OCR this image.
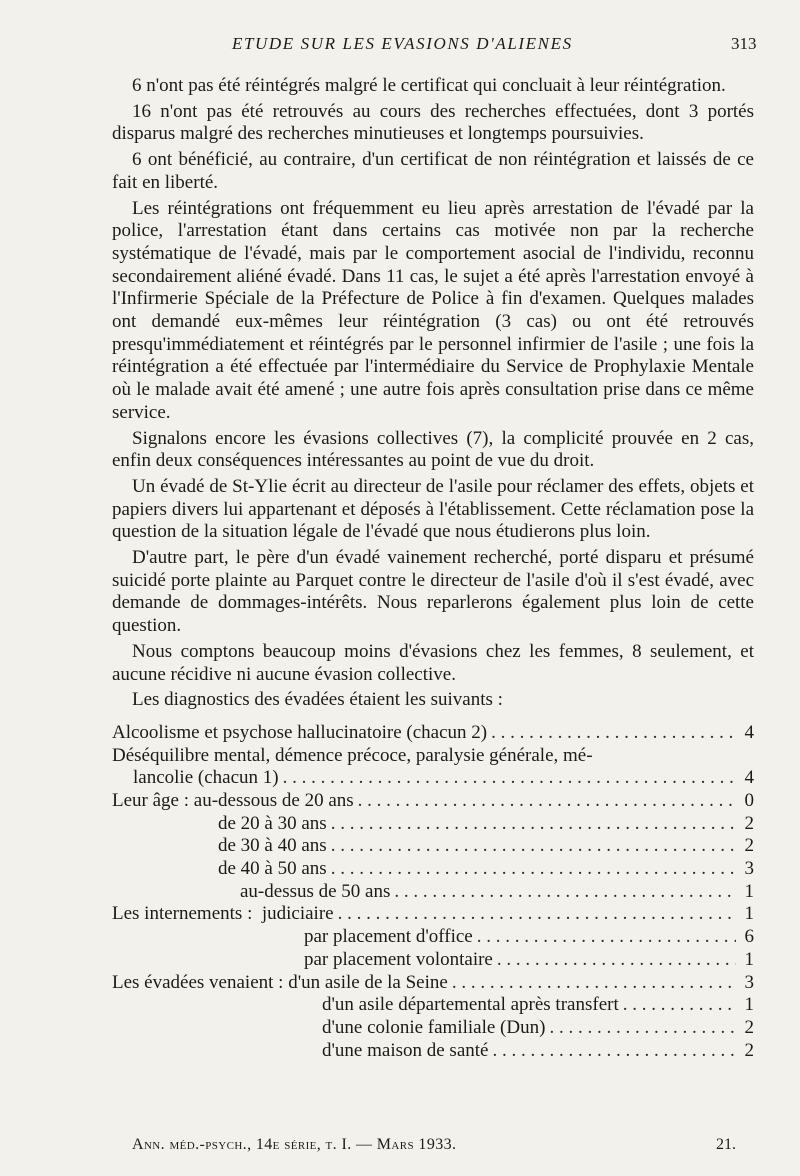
ETUDE SUR LES EVASIONS D'ALIENES	313

6 n'ont pas été réintégrés malgré le certificat qui concluait à leur réintégration.

16 n'ont pas été retrouvés au cours des recherches effectuées, dont 3 portés disparus malgré des recherches minutieuses et longtemps poursuivies.

6 ont bénéficié, au contraire, d'un certificat de non réintégration et laissés de ce fait en liberté.

Les réintégrations ont fréquemment eu lieu après arrestation de l'évadé par la police, l'arrestation étant dans certains cas motivée non par la recherche systématique de l'évadé, mais par le comportement asocial de l'individu, reconnu secondairement aliéné évadé. Dans 11 cas, le sujet a été après l'arrestation envoyé à l'Infirmerie Spéciale de la Préfecture de Police à fin d'examen. Quelques malades ont demandé eux-mêmes leur réintégration (3 cas) ou ont été retrouvés presqu'immédiatement et réintégrés par le personnel infirmier de l'asile ; une fois la réintégration a été effectuée par l'intermédiaire du Service de Prophylaxie Mentale où le malade avait été amené ; une autre fois après consultation prise dans ce même service.

Signalons encore les évasions collectives (7), la complicité prouvée en 2 cas, enfin deux conséquences intéressantes au point de vue du droit.

Un évadé de St-Ylie écrit au directeur de l'asile pour réclamer des effets, objets et papiers divers lui appartenant et déposés à l'établissement. Cette réclamation pose la question de la situation légale de l'évadé que nous étudierons plus loin.

D'autre part, le père d'un évadé vainement recherché, porté disparu et présumé suicidé porte plainte au Parquet contre le directeur de l'asile d'où il s'est évadé, avec demande de dommages-intérêts. Nous reparlerons également plus loin de cette question.

Nous comptons beaucoup moins d'évasions chez les femmes, 8 seulement, et aucune récidive ni aucune évasion collective.

Les diagnostics des évadées étaient les suivants :

Alcoolisme et psychose hallucinatoire (chacun 2) . . .	4
Déséquilibre mental, démence précoce, paralysie générale, mé-
lancolie (chacun 1) . . .	4
Leur âge : au-dessous de 20 ans . . .	0
de 20 à 30 ans . . .	2
de 30 à 40 ans . . .	2
de 40 à 50 ans . . .	3
au-dessus de 50 ans . . .	1
Les internements : judiciaire . . .	1
par placement d'office . . .	6
par placement volontaire . . .	1
Les évadées venaient : d'un asile de la Seine . . .	3
d'un asile départemental après transfert . . .	1
d'une colonie familiale (Dun) . . .	2
d'une maison de santé . . .	2
Ann. méd.-psych., 14e série, t. I. — Mars 1933.	21.
